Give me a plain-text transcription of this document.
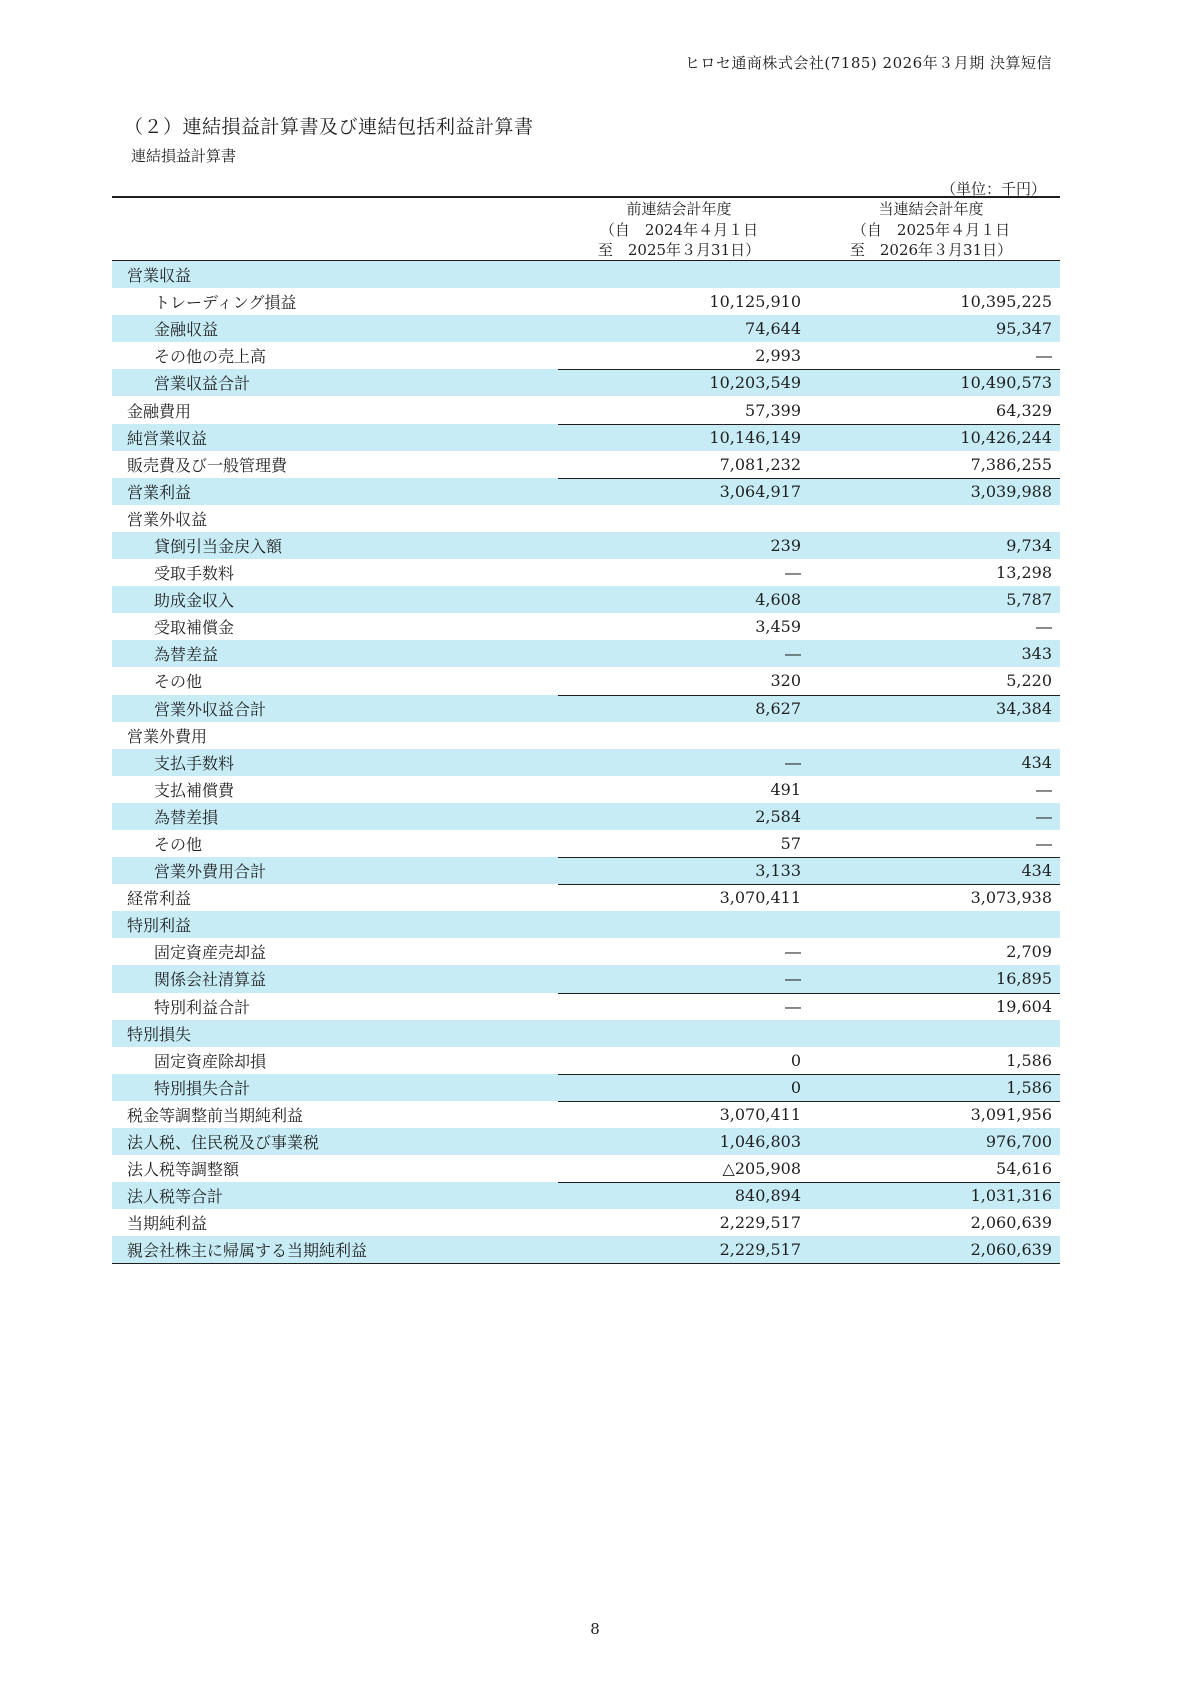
ヒロセ通商株式会社(7185) 2026年３月期 決算短信
（２）連結損益計算書及び連結包括利益計算書
連結損益計算書
（単位：千円）
前連結会計年度
（自　2024年４月１日
至　2025年３月31日）
当連結会計年度
（自　2025年４月１日
至　2026年３月31日）
営業収益
トレーディング損益	10,125,910	10,395,225
金融収益	74,644	95,347
その他の売上高	2,993	―
営業収益合計	10,203,549	10,490,573
金融費用	57,399	64,329
純営業収益	10,146,149	10,426,244
販売費及び一般管理費	7,081,232	7,386,255
営業利益	3,064,917	3,039,988
営業外収益
貸倒引当金戻入額	239	9,734
受取手数料	―	13,298
助成金収入	4,608	5,787
受取補償金	3,459	―
為替差益	―	343
その他	320	5,220
営業外収益合計	8,627	34,384
営業外費用
支払手数料	―	434
支払補償費	491	―
為替差損	2,584	―
その他	57	―
営業外費用合計	3,133	434
経常利益	3,070,411	3,073,938
特別利益
固定資産売却益	―	2,709
関係会社清算益	―	16,895
特別利益合計	―	19,604
特別損失
固定資産除却損	0	1,586
特別損失合計	0	1,586
税金等調整前当期純利益	3,070,411	3,091,956
法人税、住民税及び事業税	1,046,803	976,700
法人税等調整額	△205,908	54,616
法人税等合計	840,894	1,031,316
当期純利益	2,229,517	2,060,639
親会社株主に帰属する当期純利益	2,229,517	2,060,639
8
